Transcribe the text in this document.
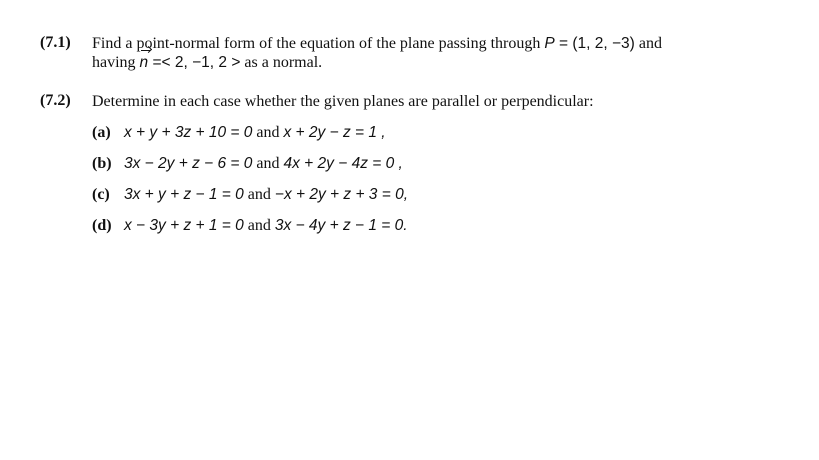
(7.1)	Find a point-normal form of the equation of the plane passing through P = (1, 2, −3) and
having n =< 2, −1, 2 > as a normal.
(7.2)	Determine in each case whether the given planes are parallel or perpendicular:
(a) x + y + 3z + 10 = 0 and x + 2y − z = 1 ,
(b) 3x − 2y + z − 6 = 0 and 4x + 2y − 4z = 0 ,
(c) 3x + y + z − 1 = 0 and −x + 2y + z + 3 = 0,
(d) x − 3y + z + 1 = 0 and 3x − 4y + z − 1 = 0.
